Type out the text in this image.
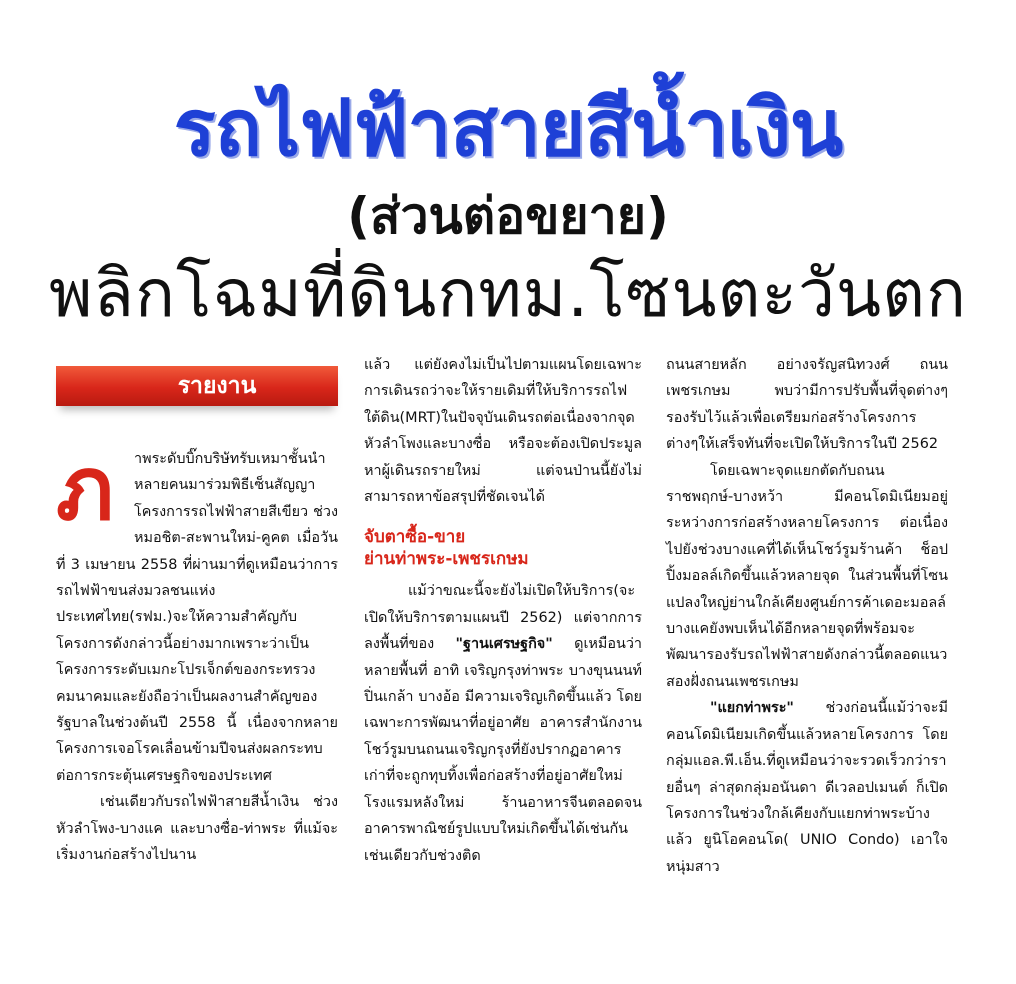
รถไฟฟ้าสายสีน้ำเงิน
(ส่วนต่อขยาย)
พลิกโฉมที่ดินกทม.โซนตะวันตก
รายงาน
ภ	าพระดับบิ๊กบริษัทรับเหมาชั้นนำหลายคนมาร่วมพิธีเซ็นสัญญาโครงการรถไฟฟ้าสายสีเขียว ช่วงหมอชิต-สะพานใหม่-คูคต เมื่อวันที่ 3 เมษายน 2558 ที่ผ่านมาที่ดูเหมือนว่าการรถไฟฟ้าขนส่งมวลชนแห่งประเทศไทย(รฟม.)จะให้ความสำคัญกับโครงการดังกล่าวนี้อย่างมากเพราะว่าเป็นโครงการระดับเมกะโปรเจ็กต์ของกระทรวงคมนาคมและยังถือว่าเป็นผลงานสำคัญของรัฐบาลในช่วงต้นปี 2558 นี้ เนื่องจากหลายโครงการเจอโรคเลื่อนข้ามปีจนส่งผลกระทบต่อการกระตุ้นเศรษฐกิจของประเทศ

เช่นเดียวกับรถไฟฟ้าสายสีน้ำเงิน ช่วงหัวลำโพง-บางแค และบางซื่อ-ท่าพระ ที่แม้จะเริ่มงานก่อสร้างไปนาน

แล้ว แต่ยังคงไม่เป็นไปตามแผนโดยเฉพาะการเดินรถว่าจะให้รายเดิมที่ให้บริการรถไฟใต้ดิน(MRT)ในปัจจุบันเดินรถต่อเนื่องจากจุดหัวลำโพงและบางซื่อ หรือจะต้องเปิดประมูลหาผู้เดินรถรายใหม่ แต่จนป่านนี้ยังไม่สามารถหาข้อสรุปที่ชัดเจนได้

จับตาซื้อ-ขาย
ย่านท่าพระ-เพชรเกษม

แม้ว่าขณะนี้จะยังไม่เปิดให้บริการ(จะเปิดให้บริการตามแผนปี 2562) แต่จากการลงพื้นที่ของ "ฐานเศรษฐกิจ" ดูเหมือนว่าหลายพื้นที่ อาทิ เจริญกรุงท่าพระ บางขุนนนท์ ปิ่นเกล้า บางอ้อ มีความเจริญเกิดขึ้นแล้ว โดยเฉพาะการพัฒนาที่อยู่อาศัย อาคารสำนักงานโชว์รูมบนถนนเจริญกรุงที่ยังปรากฏอาคารเก่าที่จะถูกทุบทิ้งเพื่อก่อสร้างที่อยู่อาศัยใหม่ โรงแรมหลังใหม่ ร้านอาหารจีนตลอดจนอาคารพาณิชย์รูปแบบใหม่เกิดขึ้นได้เช่นกัน เช่นเดียวกับช่วงติด

ถนนสายหลัก อย่างจรัญสนิทวงศ์ ถนนเพชรเกษม พบว่ามีการปรับพื้นที่จุดต่างๆรองรับไว้แล้วเพื่อเตรียมก่อสร้างโครงการต่างๆให้เสร็จทันที่จะเปิดให้บริการในปี 2562

โดยเฉพาะจุดแยกตัดกับถนนราชพฤกษ์-บางหว้า มีคอนโดมิเนียมอยู่ระหว่างการก่อสร้างหลายโครงการ ต่อเนื่องไปยังช่วงบางแคที่ได้เห็นโชว์รูมร้านค้า ช็อปปิ้งมอลล์เกิดขึ้นแล้วหลายจุด ในส่วนพื้นที่โซนแปลงใหญ่ย่านใกล้เคียงศูนย์การค้าเดอะมอลล์บางแคยังพบเห็นได้อีกหลายจุดที่พร้อมจะพัฒนารองรับรถไฟฟ้าสายดังกล่าวนี้ตลอดแนวสองฝั่งถนนเพชรเกษม

"แยกท่าพระ" ช่วงก่อนนี้แม้ว่าจะมีคอนโดมิเนียมเกิดขึ้นแล้วหลายโครงการ โดยกลุ่มแอล.พี.เอ็น.ที่ดูเหมือนว่าจะรวดเร็วกว่ารายอื่นๆ ล่าสุดกลุ่มอนันดา ดีเวลอปเมนต์ ก็เปิดโครงการในช่วงใกล้เคียงกับแยกท่าพระบ้างแล้ว ยูนิโอคอนโด( UNIO Condo) เอาใจหนุ่มสาว
